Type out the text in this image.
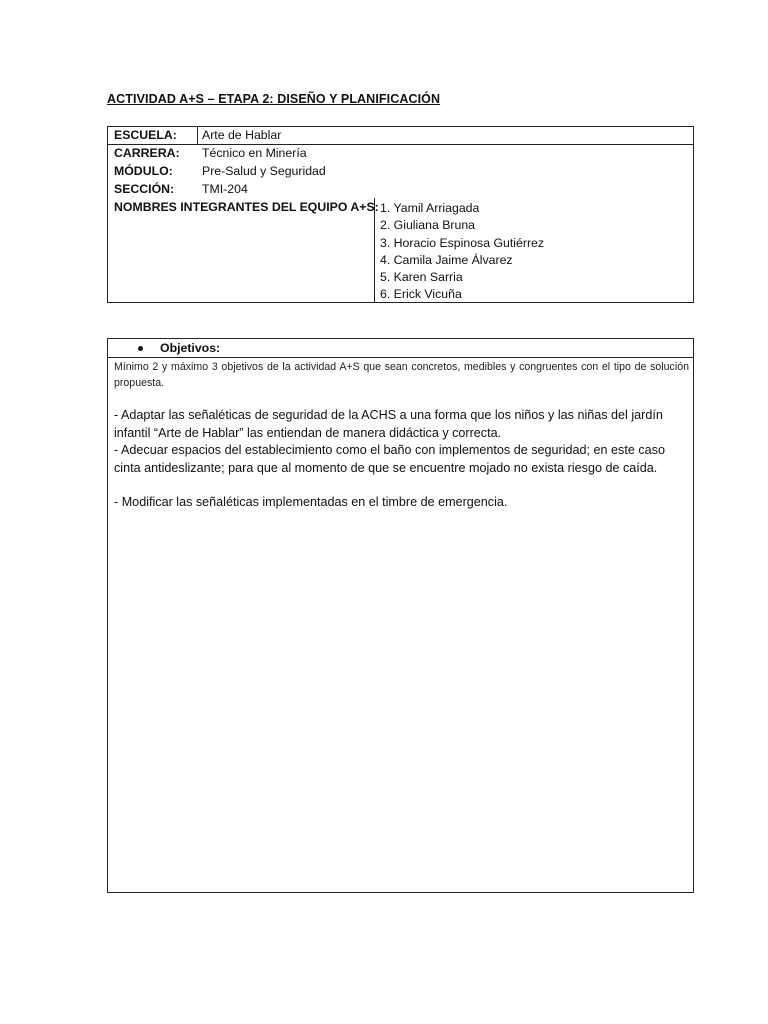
ACTIVIDAD A+S – ETAPA 2: DISEÑO Y PLANIFICACIÓN
ESCUELA: Arte de Hablar
CARRERA: Técnico en Minería
MÓDULO: Pre-Salud y Seguridad
SECCIÓN: TMI-204
NOMBRES INTEGRANTES DEL EQUIPO A+S: 1. Yamil Arriagada
2. Giuliana Bruna
3. Horacio Espinosa Gutiérrez
4. Camila Jaime Álvarez
5. Karen Sarria
6. Erick Vicuña
Objetivos:
Mínimo 2 y máximo 3 objetivos de la actividad A+S que sean concretos, medibles y congruentes con el tipo de solución propuesta.
- Adaptar las señaléticas de seguridad de la ACHS a una forma que los niños y las niñas del jardín infantil “Arte de Hablar” las entiendan de manera didáctica y correcta.
- Adecuar espacios del establecimiento como el baño con implementos de seguridad; en este caso cinta antideslizante; para que al momento de que se encuentre mojado no exista riesgo de caída.
- Modificar las señaléticas implementadas en el timbre de emergencia.
